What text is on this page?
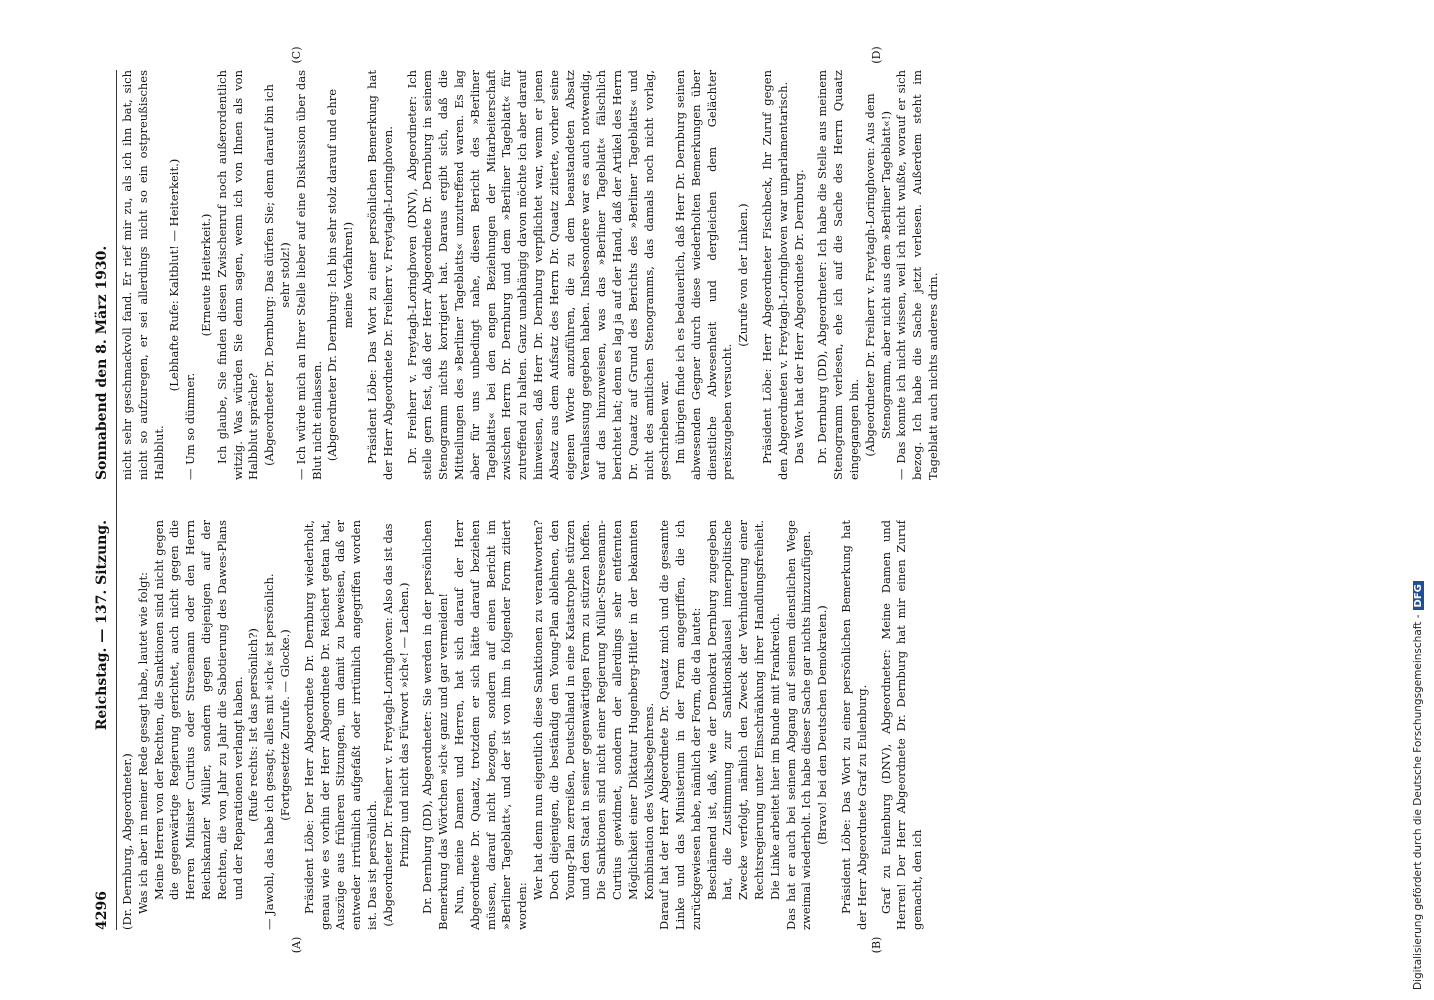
4296
Reichstag. — 137. Sitzung.
Sonnabend den 8. März 1930.

(Dr. Dernburg, Abgeordneter.) Was ich aber in meiner Rede gesagt habe, lautet wie folgt: Meine Herren von der Rechten, die Sanktionen sind nicht gegen die gegenwärtige Regierung gerichtet, auch nicht gegen die Herren Minister Curtius oder Stresemann oder den Herrn Reichskanzler Müller, sondern gegen diejenigen auf der Rechten, die von Jahr zu Jahr die Sabotierung des Dawes-Plans und der Reparationen verlangt haben. (Rufe rechts: Ist das persönlich?) — Jawohl, das habe ich gesagt; alles mit »ich« ist persönlich. (Fortgesetzte Zurufe. — Glocke.) Präsident Löbe: Der Herr Abgeordnete Dr. Dernburg wiederholt, genau wie es vorhin der Herr Abgeordnete Dr. Reichert getan hat, Auszüge aus früheren Sitzungen, um damit zu beweisen, daß er entweder irrtümlich aufgefaßt oder irrtümlich angegriffen worden ist. Das ist persönlich. (Abgeordneter Dr. Freiherr v. Freytagh-Loringhoven: Also das ist das Prinzip und nicht das Fürwort »ich«! — Lachen.) Dr. Dernburg (DD), Abgeordneter: Sie werden in der persönlichen Bemerkung das Wörtchen »ich« ganz und gar vermeiden! Nun, meine Damen und Herren, hat sich darauf der Herr Abgeordnete Dr. Quaatz, trotzdem er sich hätte darauf beziehen müssen, darauf nicht bezogen, sondern auf einen Bericht im »Berliner Tageblatt«, und der ist von ihm in folgender Form zitiert worden:

Wer hat denn nun eigentlich diese Sanktionen zu verantworten? Doch diejenigen, die beständig den Young-Plan ablehnen, den Young-Plan zerreißen, Deutschland in eine Katastrophe stürzen und den Staat in seiner gegenwärtigen Form zu stürzen hoffen. Die Sanktionen sind nicht einer Regierung Müller-Stresemann-Curtius gewidmet, sondern der allerdings sehr entfernten Möglichkeit einer Diktatur Hugenberg-Hitler in der bekannten Kombination des Volksbegehrens. Darauf hat der Herr Abgeordnete Dr. Quaatz mich und die gesamte Linke und das Ministerium in der Form angegriffen, die ich zurückgewiesen habe, nämlich der Form, die da lautet: Beschämend ist, daß, wie der Demokrat Dernburg zugegeben hat, die Zustimmung zur Sanktionsklausel innerpolitische Zwecke verfolgt, nämlich den Zweck der Verhinderung einer Rechtsregierung unter Einschränkung ihrer Handlungsfreiheit. Die Linke arbeitet hier im Bunde mit Frankreich. Das hat er auch bei seinem Abgang auf seinem dienstlichen Wege zweimal wiederholt. Ich habe dieser Sache gar nichts hinzuzufügen. (Bravo! bei den Deutschen Demokraten.) Präsident Löbe: Das Wort zu einer persönlichen Bemerkung hat der Herr Abgeordnete Graf zu Eulenburg. Graf zu Eulenburg (DNV), Abgeordneter: Meine Damen und Herren! Der Herr Abgeordnete Dr. Dernburg hat mir einen Zuruf gemacht, den ich

nicht sehr geschmackvoll fand. Er rief mir zu, als ich ihn bat, sich nicht so aufzuregen, er sei allerdings nicht so ein ostpreußisches Halbblut.

(Lebhafte Rufe: Kaltblut! — Heiterkeit.)

— Um so dümmer.

(Erneute Heiterkeit.) Ich glaube, Sie finden diesen Zwischenruf noch außerordentlich witzig. Was würden Sie denn sagen, wenn ich von Ihnen als von Halbblut spräche? (Abgeordneter Dr. Dernburg: Das dürfen Sie; denn darauf bin ich sehr stolz!) — Ich würde mich an Ihrer Stelle lieber auf eine Diskussion über das Blut nicht einlassen. (Abgeordneter Dr. Dernburg: Ich bin sehr stolz darauf und ehre meine Vorfahren!) Präsident Löbe: Das Wort zu einer persönlichen Bemerkung hat der Herr Abgeordnete Dr. Freiherr v. Freytagh-Loringhoven. Dr. Freiherr v. Freytagh-Loringhoven (DNV), Abgeordneter: Ich stelle gern fest, daß der Herr Abgeordnete Dr. Dernburg in seinem Stenogramm nichts korrigiert hat. Daraus ergibt sich, daß die Mitteilungen des »Berliner Tageblatts« unzutreffend waren. Es lag aber für uns unbedingt nahe, diesen Bericht des »Berliner Tageblatts« bei den engen Beziehungen der Mitarbeiterschaft zwischen Herrn Dr. Dernburg und dem »Berliner Tageblatt« für zutreffend zu halten. Ganz unabhängig davon möchte ich aber darauf hinweisen, daß Herr Dr. Dernburg verpflichtet war, wenn er jenen Absatz aus dem Aufsatz des Herrn Dr. Quaatz zitierte, vorher seine eigenen Worte anzuführen, die zu dem beanstandeten Absatz Veranlassung gegeben haben. Insbesondere war es auch notwendig, auf das hinzuweisen, was das »Berliner Tageblatt« fälschlich berichtet hat; denn es lag ja auf der Hand, daß der Artikel des Herrn Dr. Quaatz auf Grund des Berichts des »Berliner Tageblatts« und nicht des amtlichen Stenogramms, das damals noch nicht vorlag, geschrieben war. Im übrigen finde ich es bedauerlich, daß Herr Dr. Dernburg seinen abwesenden Gegner durch diese wiederholten Bemerkungen über dienstliche Abwesenheit und dergleichen dem Gelächter preiszugeben versucht.

(Zurufe von der Linken.) Präsident Löbe: Herr Abgeordneter Fischbeck, Ihr Zuruf gegen den Abgeordneten v. Freytagh-Loringhoven war unparlamentarisch. Das Wort hat der Herr Abgeordnete Dr. Dernburg. Dr. Dernburg (DD), Abgeordneter: Ich habe die Stelle aus meinem Stenogramm verlesen, ehe ich auf die Sache des Herrn Quaatz eingegangen bin. (Abgeordneter Dr. Freiherr v. Freytagh-Loringhoven: Aus dem Stenogramm, aber nicht aus dem »Berliner Tageblatt«!) — Das konnte ich nicht wissen, weil ich nicht wußte, worauf er sich bezog. Ich habe die Sache jetzt verlesen. Außerdem steht im Tageblatt auch nichts anderes drin.

(A)	(B)
(C)	(D)
Digitalisierung gefördert durch die Deutsche Forschungsgemeinschaft -DFG
